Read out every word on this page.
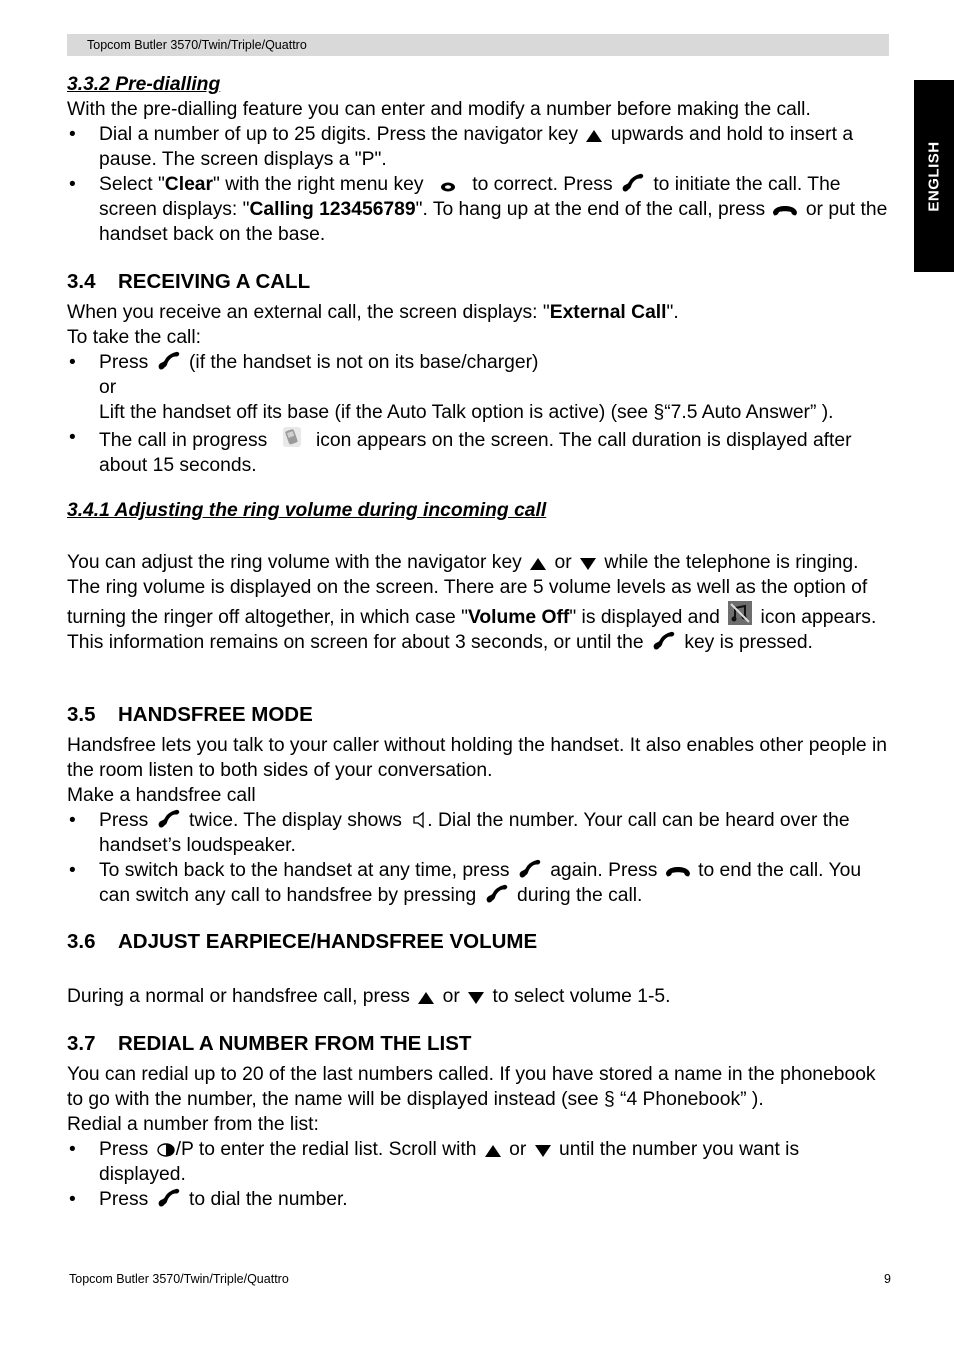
Topcom Butler 3570/Twin/Triple/Quattro
ENGLISH
3.3.2 Pre-dialling

With the pre-dialling feature you can enter and modify a number before making the call.

• Dial a number of up to 25 digits. Press the navigator key upwards and hold to insert a pause. The screen displays a "P".

• Select "Clear" with the right menu key	to correct. Press to initiate the call. The screen displays: "Calling 123456789". To hang up at the end of the call, press or put the handset back on the base.

3.4 RECEIVING A CALL

When you receive an external call, the screen displays: "External Call".

To take the call:

• Press (if the handset is not on its base/charger)

or

Lift the handset off its base (if the Auto Talk option is active) (see §“7.5 Auto Answer” ).

• The call in progress	icon appears on the screen. The call duration is displayed after about 15 seconds.

3.4.1 Adjusting the ring volume during incoming call

You can adjust the ring volume with the navigator key or while the telephone is ringing. The ring volume is displayed on the screen. There are 5 volume levels as well as the option of turning the ringer off altogether, in which case "Volume Off" is displayed and icon appears. This information remains on screen for about 3 seconds, or until the key is pressed.

3.5 HANDSFREE MODE

Handsfree lets you talk to your caller without holding the handset. It also enables other people in the room listen to both sides of your conversation.

Make a handsfree call

• Press twice. The display shows . Dial the number. Your call can be heard over the handset’s loudspeaker.

• To switch back to the handset at any time, press again. Press to end the call. You can switch any call to handsfree by pressing during the call.

3.6 ADJUST EARPIECE/HANDSFREE VOLUME

During a normal or handsfree call, press or to select volume 1-5.

3.7 REDIAL A NUMBER FROM THE LIST

You can redial up to 20 of the last numbers called. If you have stored a name in the phonebook to go with the number, the name will be displayed instead (see § “4 Phonebook” ).

Redial a number from the list:

• Press /P to enter the redial list. Scroll with or until the number you want is displayed.

• Press to dial the number.

Topcom Butler 3570/Twin/Triple/Quattro	9
